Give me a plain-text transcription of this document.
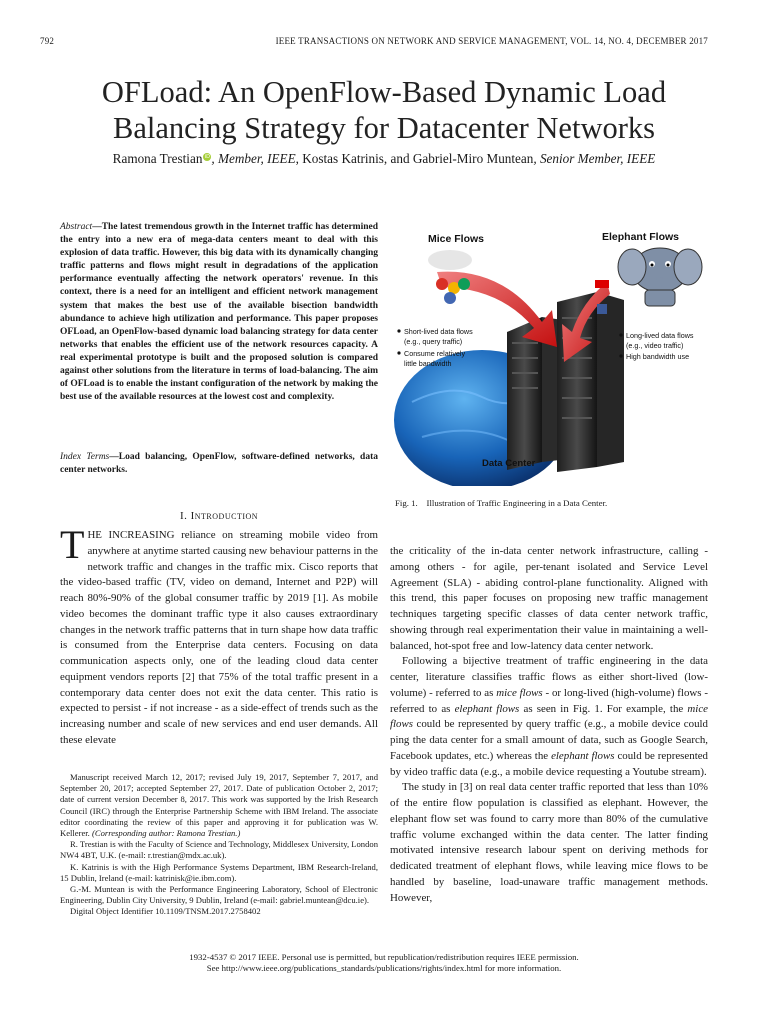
792	IEEE TRANSACTIONS ON NETWORK AND SERVICE MANAGEMENT, VOL. 14, NO. 4, DECEMBER 2017
OFLoad: An OpenFlow-Based Dynamic Load
Balancing Strategy for Datacenter Networks
Ramona Trestian iD, Member, IEEE, Kostas Katrinis, and Gabriel-Miro Muntean, Senior Member, IEEE
Abstract—The latest tremendous growth in the Internet traffic has determined the entry into a new era of mega-data centers meant to deal with this explosion of data traffic. However, this big data with its dynamically changing traffic patterns and flows might result in degradations of the application performance eventually affecting the network operators' revenue. In this context, there is a need for an intelligent and efficient network management system that makes the best use of the available bisection bandwidth abundance to achieve high utilization and performance. This paper proposes OFLoad, an OpenFlow-based dynamic load balancing strategy for data center networks that enables the efficient use of the network resources capacity. A real experimental prototype is built and the proposed solution is compared against other solutions from the literature in terms of load-balancing. The aim of OFLoad is to enable the instant configuration of the network by making the best use of the available resources at the lowest cost and complexity.
Index Terms—Load balancing, OpenFlow, software-defined networks, data center networks.
I. Introduction
THE INCREASING reliance on streaming mobile video from anywhere at anytime started causing new behaviour patterns in the network traffic and changes in the traffic mix. Cisco reports that the video-based traffic (TV, video on demand, Internet and P2P) will reach 80%-90% of the global consumer traffic by 2019 [1]. As mobile video becomes the dominant traffic type it also causes extraordinary changes in the network traffic patterns that in turn shape how data traffic is consumed from the Enterprise data centers. Focusing on data communication aspects only, one of the leading cloud data center equipment vendors reports [2] that 75% of the total traffic present in a contemporary data center does not exit the data center. This ratio is expected to persist - if not increase - as a side-effect of trends such as the increasing number and scale of new services and end user demands. All these elevate

Manuscript received March 12, 2017; revised July 19, 2017, September 7, 2017, and September 20, 2017; accepted September 27, 2017. Date of publication October 2, 2017; date of current version December 8, 2017. This work was supported by the Irish Research Council (IRC) through the Enterprise Partnership Scheme with IBM Ireland. The associate editor coordinating the review of this paper and approving it for publication was W. Kellerer. (Corresponding author: Ramona Trestian.)

R. Trestian is with the Faculty of Science and Technology, Middlesex University, London NW4 4BT, U.K. (e-mail: r.trestian@mdx.ac.uk).

K. Katrinis is with the High Performance Systems Department, IBM Research-Ireland, 15 Dublin, Ireland (e-mail: katrinisk@ie.ibm.com).

G.-M. Muntean is with the Performance Engineering Laboratory, School of Electronic Engineering, Dublin City University, 9 Dublin, Ireland (e-mail: gabriel.muntean@dcu.ie).

Digital Object Identifier 10.1109/TNSM.2017.2758402

Mice Flows	Elephant Flows
Short-lived data flows
(e.g., query traffic)
Consume relatively
little bandwidth
Long-lived data flows
(e.g., video traffic)
High bandwidth use
Data Center
Fig. 1. Illustration of Traffic Engineering in a Data Center.

the criticality of the in-data center network infrastructure, calling - among others - for agile, per-tenant isolated and Service Level Agreement (SLA) - abiding control-plane functionality. Aligned with this trend, this paper focuses on proposing new traffic management techniques targeting specific classes of data center network traffic, showing through real experimentation their value in maintaining a well-balanced, hot-spot free and low-latency data center network.

Following a bijective treatment of traffic engineering in the data center, literature classifies traffic flows as either short-lived (low-volume) - referred to as mice flows - or long-lived (high-volume) flows - referred to as elephant flows as seen in Fig. 1. For example, the mice flows could be represented by query traffic (e.g., a mobile device could ping the data center for a small amount of data, such as Google Search, Facebook updates, etc.) whereas the elephant flows could be represented by video traffic data (e.g., a mobile device requesting a Youtube stream).

The study in [3] on real data center traffic reported that less than 10% of the entire flow population is classified as elephant. However, the elephant flow set was found to carry more than 80% of the cumulative traffic volume exchanged within the data center. The latter finding motivated intensive research labour spent on deriving methods for dedicated treatment of elephant flows, while leaving mice flows to be handled by baseline, load-unaware traffic management methods. However,

1932-4537 © 2017 IEEE. Personal use is permitted, but republication/redistribution requires IEEE permission.
See http://www.ieee.org/publications_standards/publications/rights/index.html for more information.
